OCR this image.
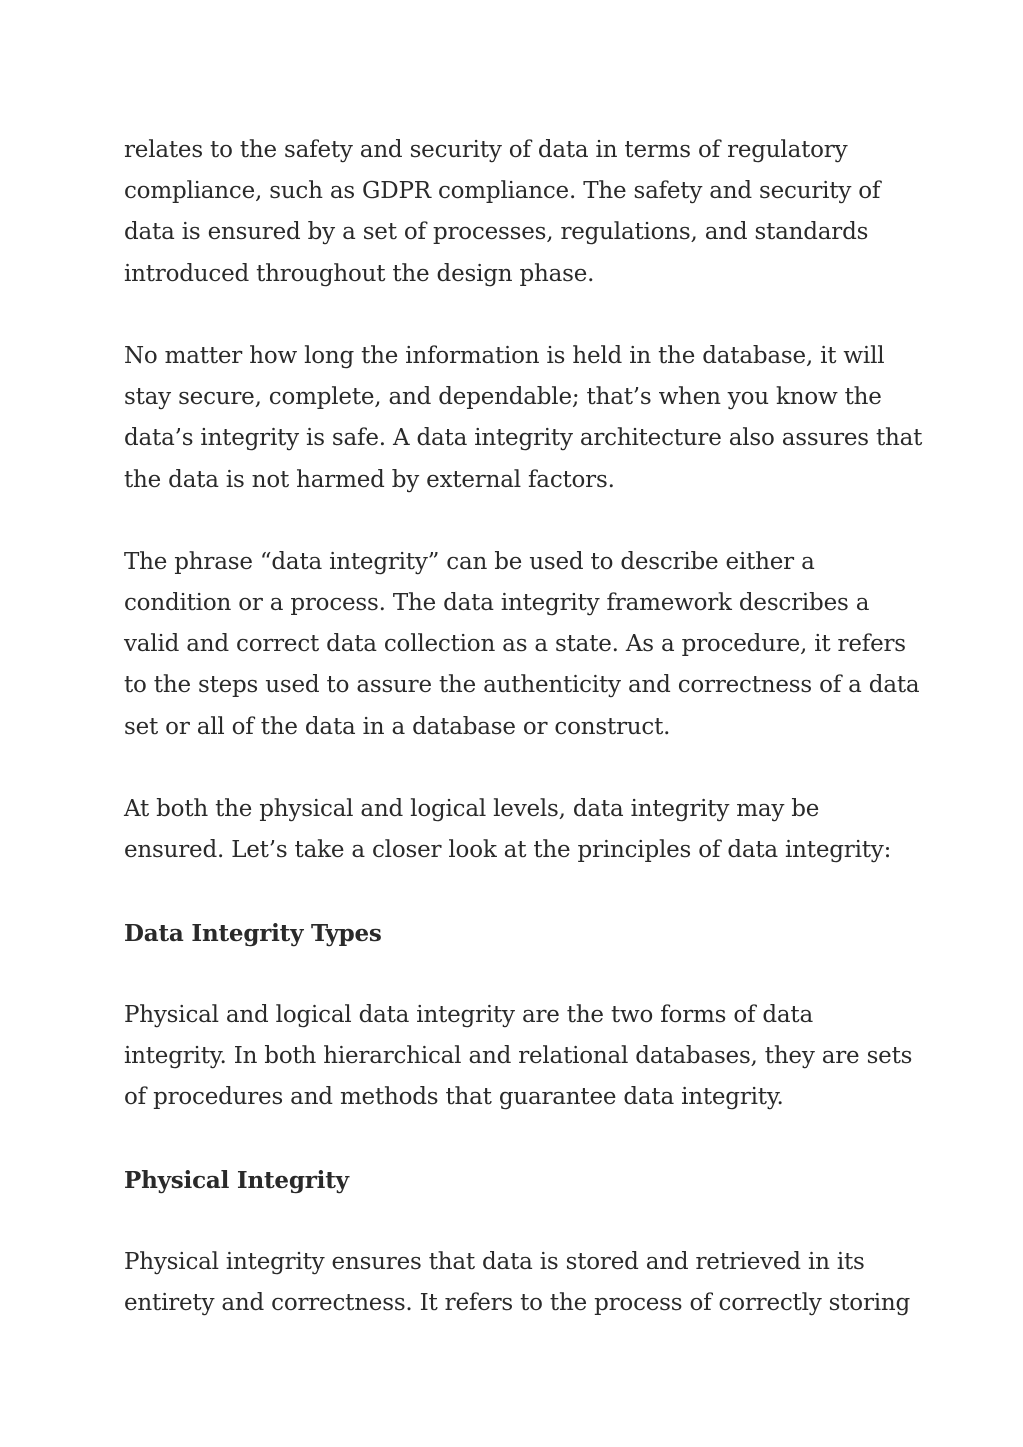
relates to the safety and security of data in terms of regulatory
compliance, such as GDPR compliance. The safety and security of
data is ensured by a set of processes, regulations, and standards
introduced throughout the design phase.
No matter how long the information is held in the database, it will
stay secure, complete, and dependable; that’s when you know the
data’s integrity is safe. A data integrity architecture also assures that
the data is not harmed by external factors.
The phrase “data integrity” can be used to describe either a
condition or a process. The data integrity framework describes a
valid and correct data collection as a state. As a procedure, it refers
to the steps used to assure the authenticity and correctness of a data
set or all of the data in a database or construct.
At both the physical and logical levels, data integrity may be
ensured. Let’s take a closer look at the principles of data integrity:
Data Integrity Types
Physical and logical data integrity are the two forms of data
integrity. In both hierarchical and relational databases, they are sets
of procedures and methods that guarantee data integrity.
Physical Integrity
Physical integrity ensures that data is stored and retrieved in its
entirety and correctness. It refers to the process of correctly storing
